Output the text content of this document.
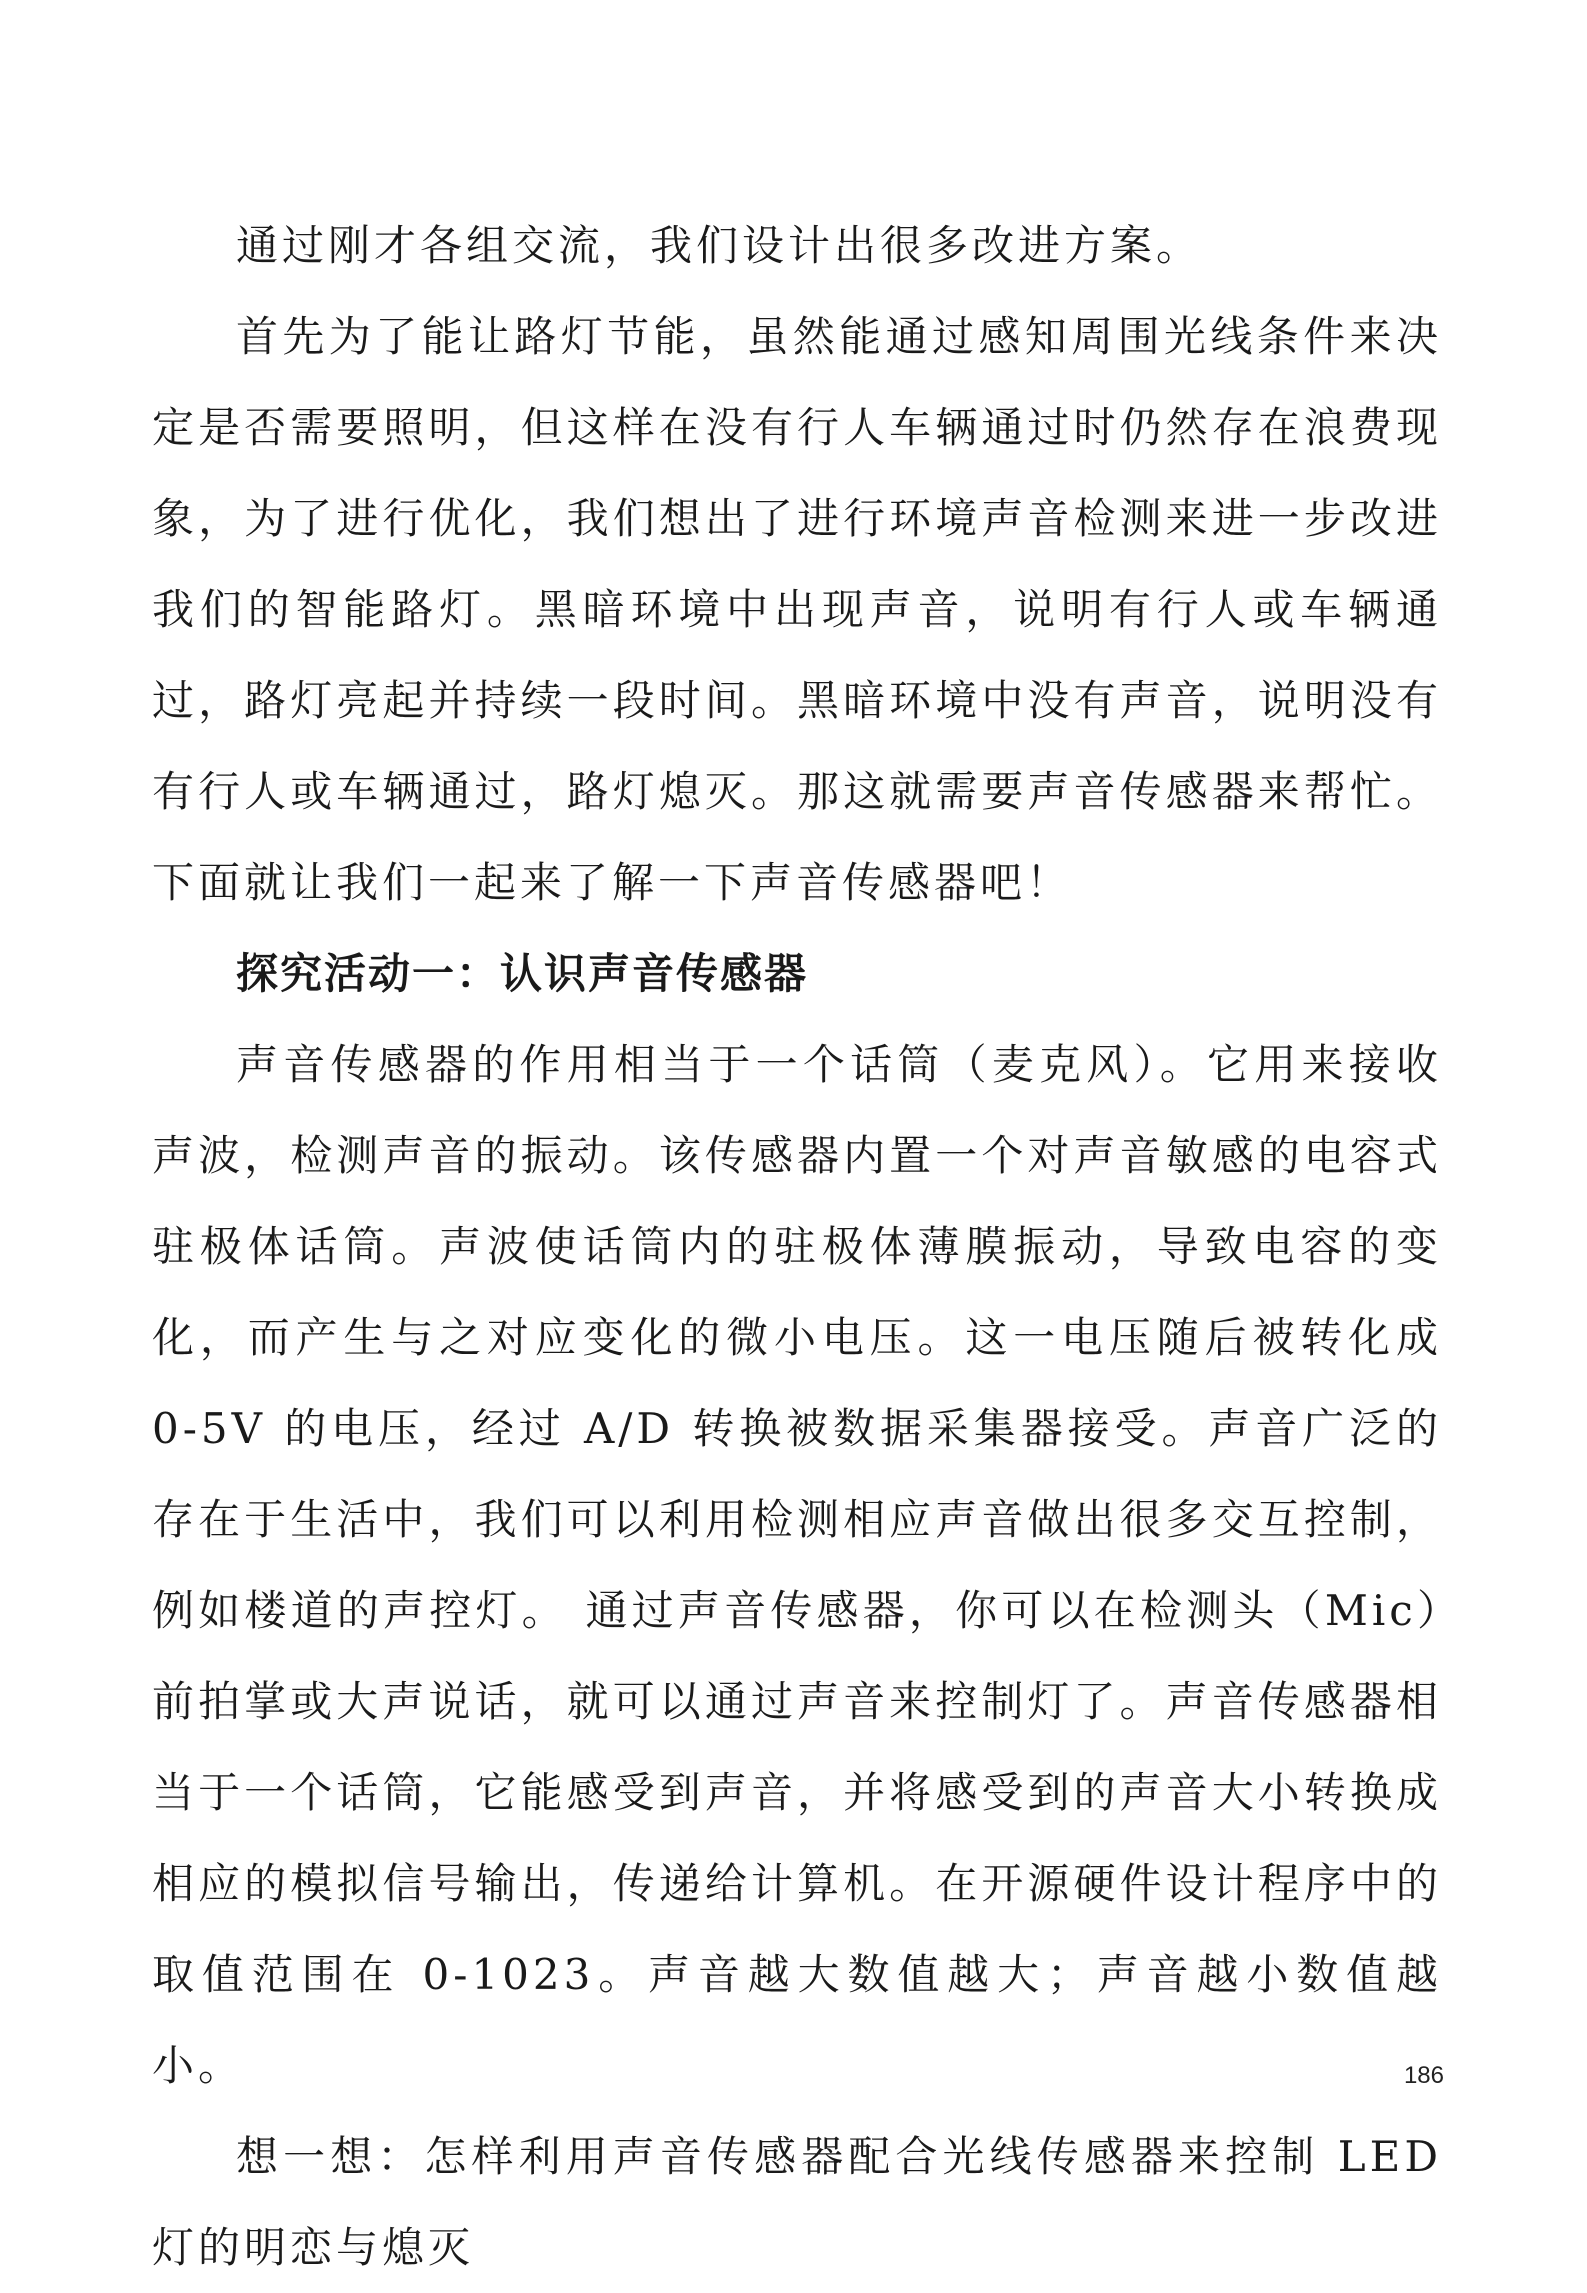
通过刚才各组交流，我们设计出很多改进方案。

首先为了能让路灯节能，虽然能通过感知周围光线条件来决定是否需要照明，但这样在没有行人车辆通过时仍然存在浪费现象，为了进行优化，我们想出了进行环境声音检测来进一步改进我们的智能路灯。黑暗环境中出现声音，说明有行人或车辆通过，路灯亮起并持续一段时间。黑暗环境中没有声音，说明没有有行人或车辆通过，路灯熄灭。那这就需要声音传感器来帮忙。下面就让我们一起来了解一下声音传感器吧！

探究活动一：认识声音传感器

声音传感器的作用相当于一个话筒（麦克风）。它用来接收声波，检测声音的振动。该传感器内置一个对声音敏感的电容式驻极体话筒。声波使话筒内的驻极体薄膜振动，导致电容的变化，而产生与之对应变化的微小电压。这一电压随后被转化成 0-5V 的电压，经过 A/D 转换被数据采集器接受。声音广泛的存在于生活中，我们可以利用检测相应声音做出很多交互控制，例如楼道的声控灯。 通过声音传感器，你可以在检测头（Mic）前拍掌或大声说话，就可以通过声音来控制灯了。声音传感器相当于一个话筒，它能感受到声音，并将感受到的声音大小转换成相应的模拟信号输出，传递给计算机。在开源硬件设计程序中的取值范围在 0-1023。声音越大数值越大；声音越小数值越小。

想一想：怎样利用声音传感器配合光线传感器来控制 LED 灯的明恋与熄灭

186
